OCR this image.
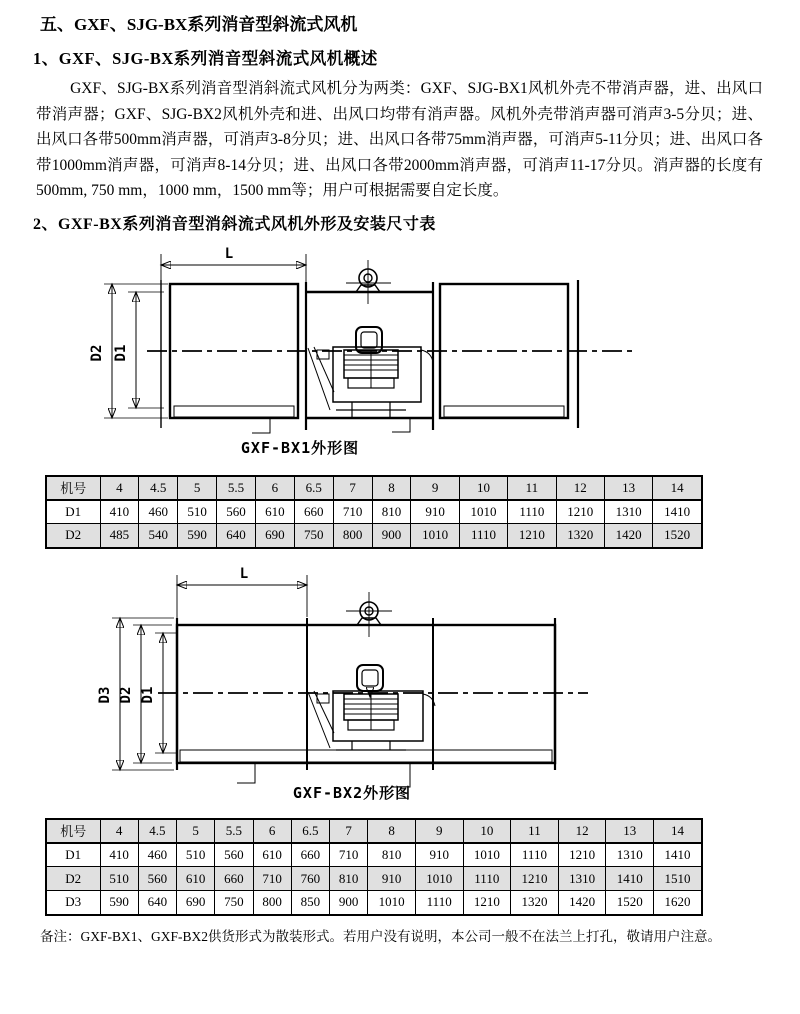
五、GXF、SJG-BX系列消音型斜流式风机
1、GXF、SJG-BX系列消音型斜流式风机概述
GXF、SJG-BX系列消音型消斜流式风机分为两类：GXF、SJG-BX1风机外壳不带消声器，进、出风口带消声器；GXF、SJG-BX2风机外壳和进、出风口均带有消声器。风机外壳带消声器可消声3-5分贝；进、出风口各带500mm消声器，可消声3-8分贝；进、出风口各带75mm消声器，可消声5-11分贝；进、出风口各带1000mm消声器，可消声8-14分贝；进、出风口各带2000mm消声器，可消声11-17分贝。消声器的长度有500mm, 750 mm，1000 mm，1500 mm等；用户可根据需要自定长度。
2、GXF-BX系列消音型消斜流式风机外形及安装尺寸表
L
D2 D1
GXF-BX1外形图
机号	4	4.5	5	5.5	6	6.5	7	8	9	10	11	12	13	14
D1	410	460	510	560	610	660	710	810	910	1010	1110	1210	1310	1410
D2	485	540	590	640	690	750	800	900	1010	1110	1210	1320	1420	1520
L
D3 D2 D1
GXF-BX2外形图
机号	4	4.5	5	5.5	6	6.5	7	8	9	10	11	12	13	14
D1	410	460	510	560	610	660	710	810	910	1010	1110	1210	1310	1410
D2	510	560	610	660	710	760	810	910	1010	1110	1210	1310	1410	1510
D3	590	640	690	750	800	850	900	1010	1110	1210	1320	1420	1520	1620
备注：GXF-BX1、GXF-BX2供货形式为散装形式。若用户没有说明，本公司一般不在法兰上打孔，敬请用户注意。
